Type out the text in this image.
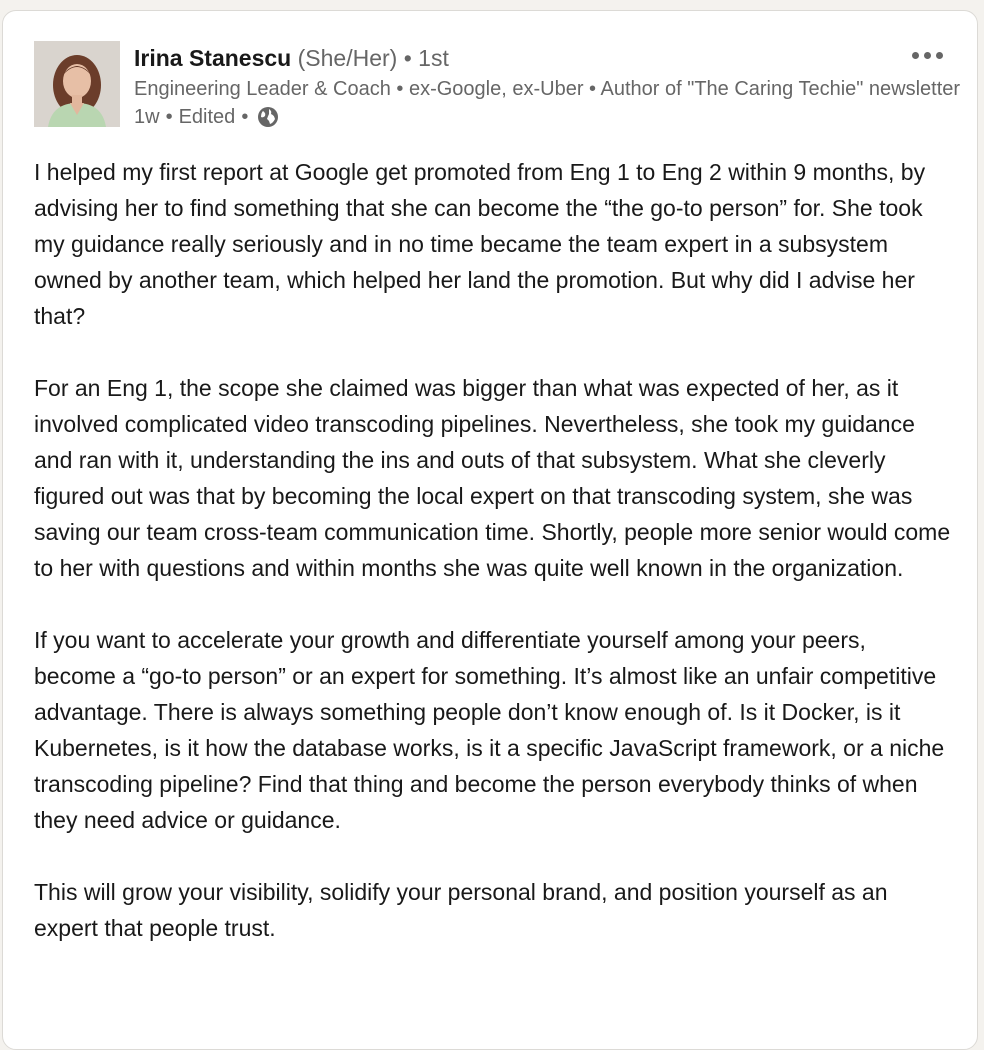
Irina Stanescu (She/Her) • 1st
Engineering Leader & Coach • ex-Google, ex-Uber • Author of "The Caring Techie" newsletter
1w • Edited •

I helped my first report at Google get promoted from Eng 1 to Eng 2 within 9 months, by advising her to find something that she can become the “the go-to person” for. She took my guidance really seriously and in no time became the team expert in a subsystem owned by another team, which helped her land the promotion. But why did I advise her that?

For an Eng 1, the scope she claimed was bigger than what was expected of her, as it involved complicated video transcoding pipelines. Nevertheless, she took my guidance and ran with it, understanding the ins and outs of that subsystem. What she cleverly figured out was that by becoming the local expert on that transcoding system, she was saving our team cross-team communication time. Shortly, people more senior would come to her with questions and within months she was quite well known in the organization.

If you want to accelerate your growth and differentiate yourself among your peers, become a “go-to person” or an expert for something. It’s almost like an unfair competitive advantage. There is always something people don’t know enough of. Is it Docker, is it Kubernetes, is it how the database works, is it a specific JavaScript framework, or a niche transcoding pipeline? Find that thing and become the person everybody thinks of when they need advice or guidance.

This will grow your visibility, solidify your personal brand, and position yourself as an expert that people trust.
